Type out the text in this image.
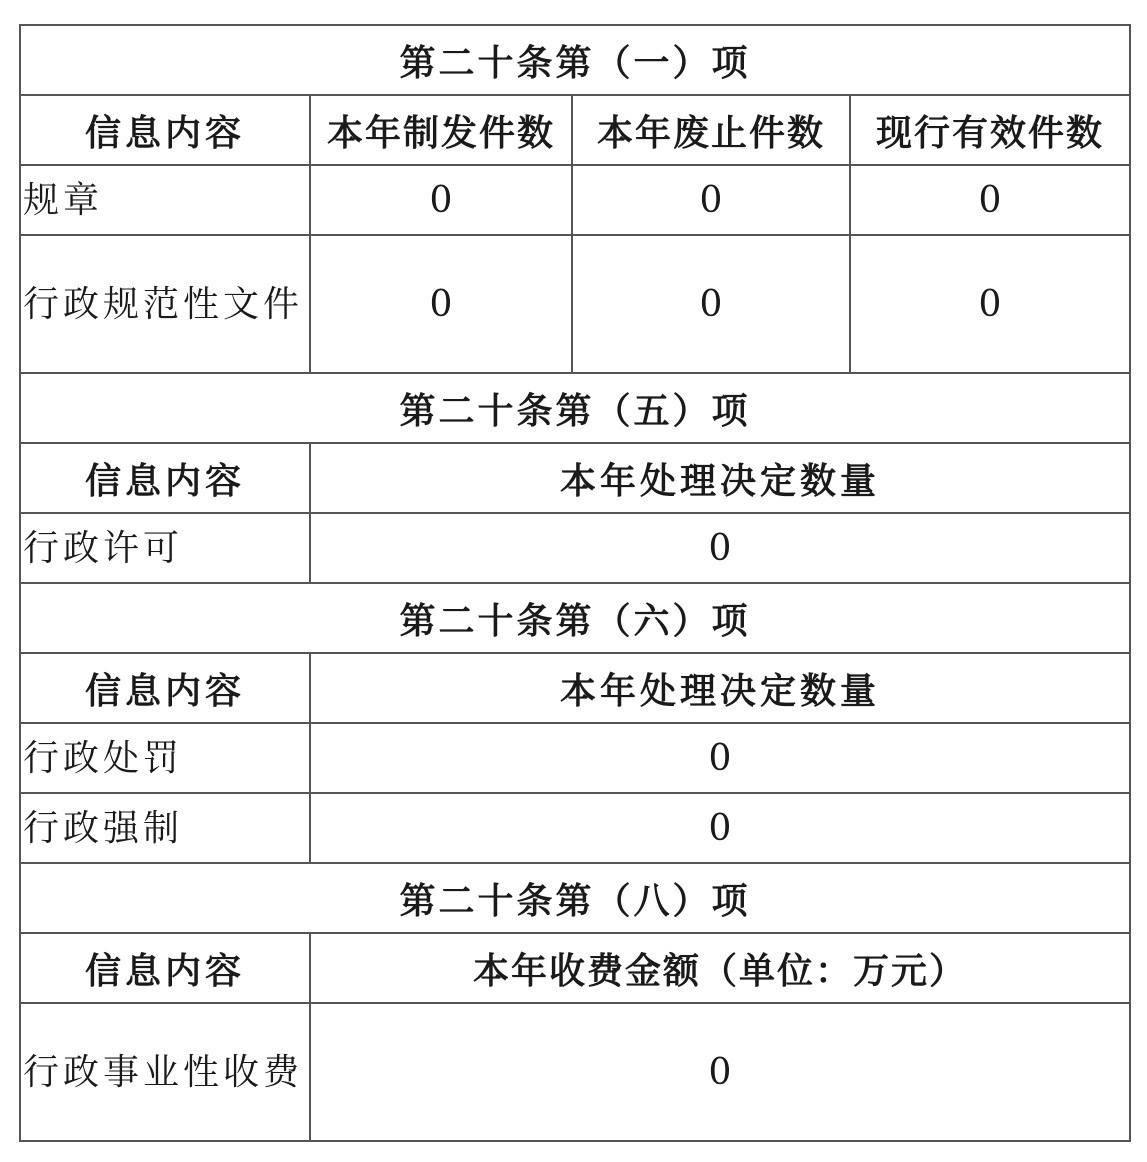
第二十条第（一）项			
信息内容	本年制发件数	本年废止件数	现行有效件数
规章	0	0	0
行政规范性文件	0	0	0
第二十条第（五）项			
信息内容	本年处理决定数量		
行政许可	0		
第二十条第（六）项			
信息内容	本年处理决定数量		
行政处罚	0		
行政强制	0		
第二十条第（八）项			
信息内容	本年收费金额（单位：万元）		
行政事业性收费	0		
